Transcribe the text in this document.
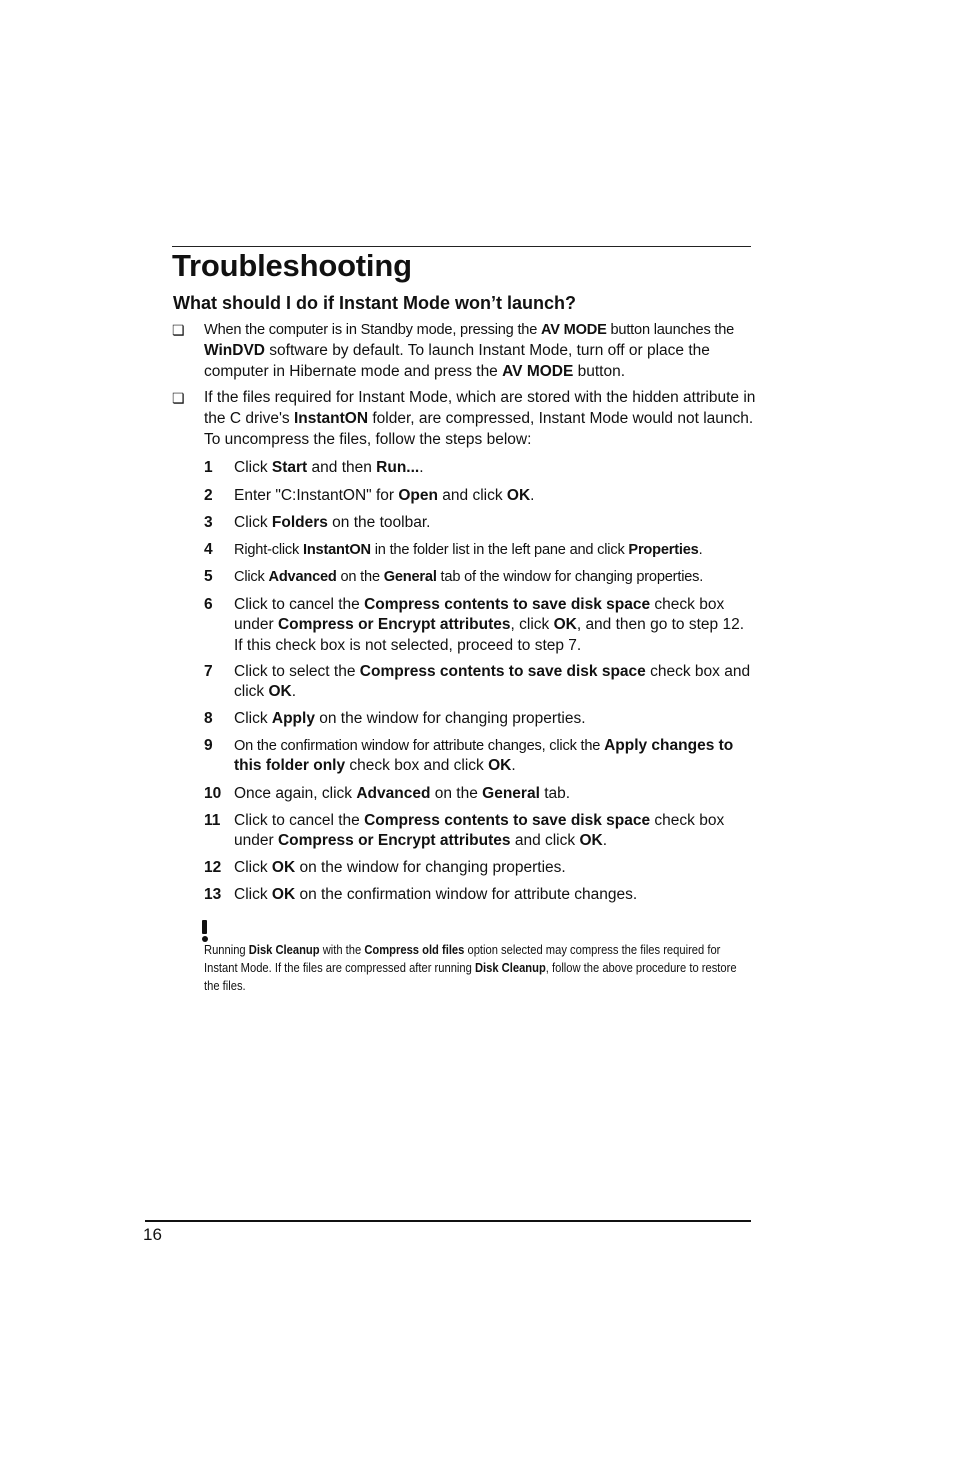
Troubleshooting
What should I do if Instant Mode won’t launch?
❏ When the computer is in Standby mode, pressing the AV MODE button launches the WinDVD software by default. To launch Instant Mode, turn off or place the computer in Hibernate mode and press the AV MODE button.

❏ If the files required for Instant Mode, which are stored with the hidden attribute in the C drive's InstantON folder, are compressed, Instant Mode would not launch. To uncompress the files, follow the steps below:

1 Click Start and then Run....
2 Enter "C:InstantON" for Open and click OK.
3 Click Folders on the toolbar.
4 Right-click InstantON in the folder list in the left pane and click Properties.
5 Click Advanced on the General tab of the window for changing properties.
6 Click to cancel the Compress contents to save disk space check box under Compress or Encrypt attributes, click OK, and then go to step 12. If this check box is not selected, proceed to step 7.
7 Click to select the Compress contents to save disk space check box and click OK.
8 Click Apply on the window for changing properties.
9 On the confirmation window for attribute changes, click the Apply changes to this folder only check box and click OK.
10 Once again, click Advanced on the General tab.
11 Click to cancel the Compress contents to save disk space check box under Compress or Encrypt attributes and click OK.
12 Click OK on the window for changing properties.
13 Click OK on the confirmation window for attribute changes.

Running Disk Cleanup with the Compress old files option selected may compress the files required for Instant Mode. If the files are compressed after running Disk Cleanup, follow the above procedure to restore the files.

16
